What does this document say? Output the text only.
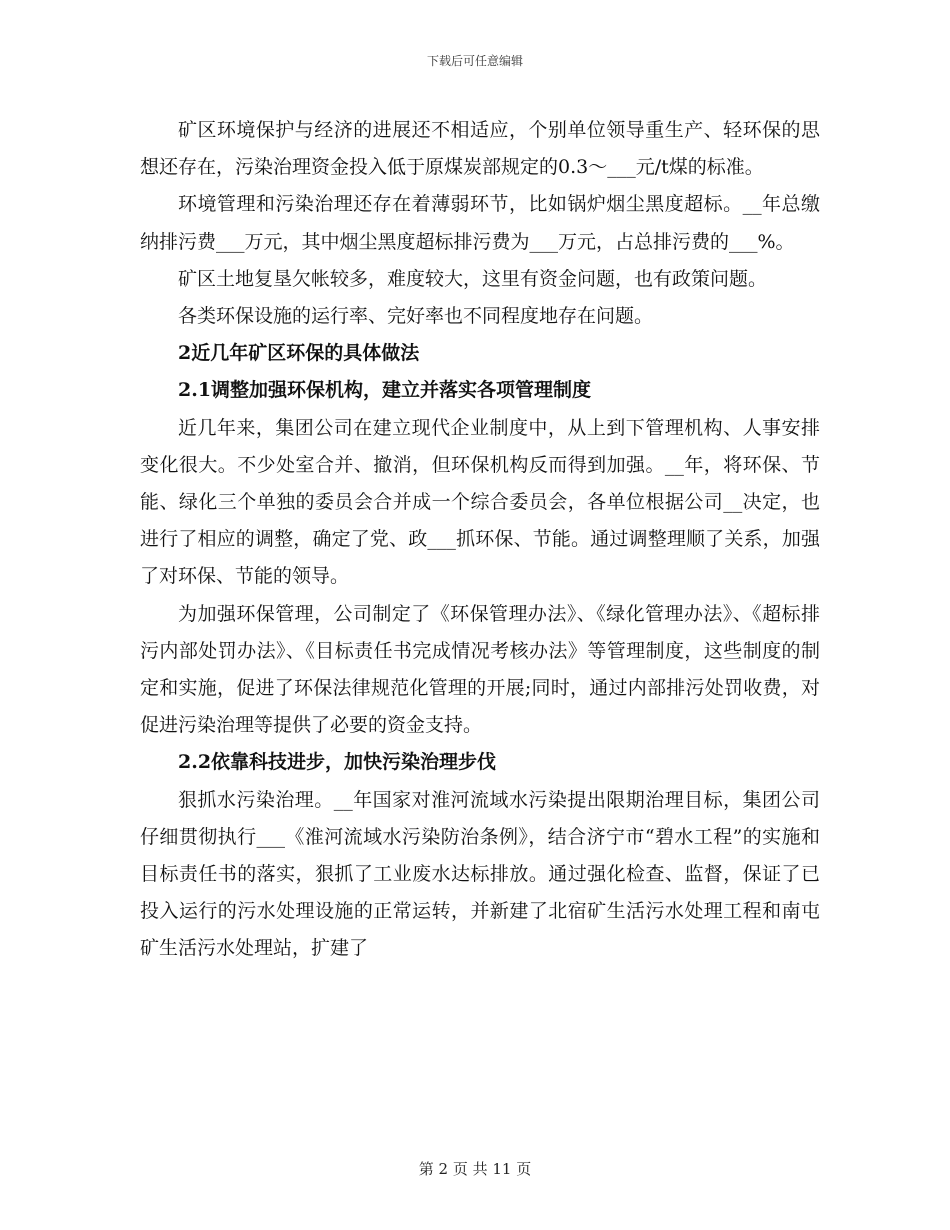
下载后可任意编辑

矿区环境保护与经济的进展还不相适应，个别单位领导重生产、轻环保的思想还存在，污染治理资金投入低于原煤炭部规定的0.3～___元/t煤的标准。

环境管理和污染治理还存在着薄弱环节，比如锅炉烟尘黑度超标。__年总缴纳排污费___万元，其中烟尘黑度超标排污费为___万元，占总排污费的___%。

矿区土地复垦欠帐较多，难度较大，这里有资金问题，也有政策问题。

各类环保设施的运行率、完好率也不同程度地存在问题。

2近几年矿区环保的具体做法

2.1调整加强环保机构，建立并落实各项管理制度

近几年来，集团公司在建立现代企业制度中，从上到下管理机构、人事安排变化很大。不少处室合并、撤消，但环保机构反而得到加强。__年，将环保、节能、绿化三个单独的委员会合并成一个综合委员会，各单位根据公司__决定，也进行了相应的调整，确定了党、政___抓环保、节能。通过调整理顺了关系，加强了对环保、节能的领导。

为加强环保管理，公司制定了《环保管理办法》、《绿化管理办法》、《超标排污内部处罚办法》、《目标责任书完成情况考核办法》等管理制度，这些制度的制定和实施，促进了环保法律规范化管理的开展;同时，通过内部排污处罚收费，对促进污染治理等提供了必要的资金支持。

2.2依靠科技进步，加快污染治理步伐

狠抓水污染治理。__年国家对淮河流域水污染提出限期治理目标，集团公司仔细贯彻执行___《淮河流域水污染防治条例》，结合济宁市“碧水工程”的实施和目标责任书的落实，狠抓了工业废水达标排放。通过强化检查、监督，保证了已投入运行的污水处理设施的正常运转，并新建了北宿矿生活污水处理工程和南屯矿生活污水处理站，扩建了

第 2 页 共 11 页
